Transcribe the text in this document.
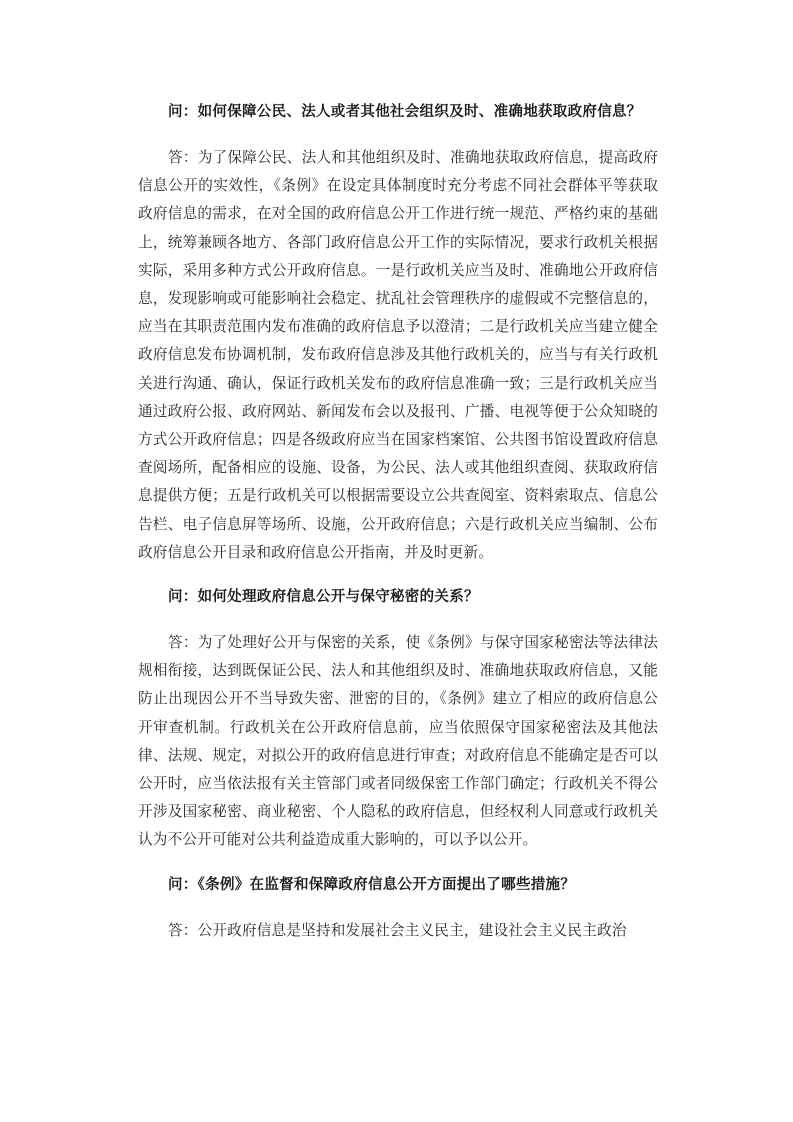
问：如何保障公民、法人或者其他社会组织及时、准确地获取政府信息？

答：为了保障公民、法人和其他组织及时、准确地获取政府信息，提高政府信息公开的实效性，《条例》在设定具体制度时充分考虑不同社会群体平等获取政府信息的需求，在对全国的政府信息公开工作进行统一规范、严格约束的基础上，统筹兼顾各地方、各部门政府信息公开工作的实际情况，要求行政机关根据实际，采用多种方式公开政府信息。一是行政机关应当及时、准确地公开政府信息，发现影响或可能影响社会稳定、扰乱社会管理秩序的虚假或不完整信息的，应当在其职责范围内发布准确的政府信息予以澄清；二是行政机关应当建立健全政府信息发布协调机制，发布政府信息涉及其他行政机关的，应当与有关行政机关进行沟通、确认，保证行政机关发布的政府信息准确一致；三是行政机关应当通过政府公报、政府网站、新闻发布会以及报刊、广播、电视等便于公众知晓的方式公开政府信息；四是各级政府应当在国家档案馆、公共图书馆设置政府信息查阅场所，配备相应的设施、设备，为公民、法人或其他组织查阅、获取政府信息提供方便；五是行政机关可以根据需要设立公共查阅室、资料索取点、信息公告栏、电子信息屏等场所、设施，公开政府信息；六是行政机关应当编制、公布政府信息公开目录和政府信息公开指南，并及时更新。

问：如何处理政府信息公开与保守秘密的关系？

答：为了处理好公开与保密的关系，使《条例》与保守国家秘密法等法律法规相衔接，达到既保证公民、法人和其他组织及时、准确地获取政府信息，又能防止出现因公开不当导致失密、泄密的目的，《条例》建立了相应的政府信息公开审查机制。行政机关在公开政府信息前，应当依照保守国家秘密法及其他法律、法规、规定，对拟公开的政府信息进行审查；对政府信息不能确定是否可以公开时，应当依法报有关主管部门或者同级保密工作部门确定；行政机关不得公开涉及国家秘密、商业秘密、个人隐私的政府信息，但经权利人同意或行政机关认为不公开可能对公共利益造成重大影响的，可以予以公开。

问：《条例》在监督和保障政府信息公开方面提出了哪些措施？

答：公开政府信息是坚持和发展社会主义民主，建设社会主义民主政治
